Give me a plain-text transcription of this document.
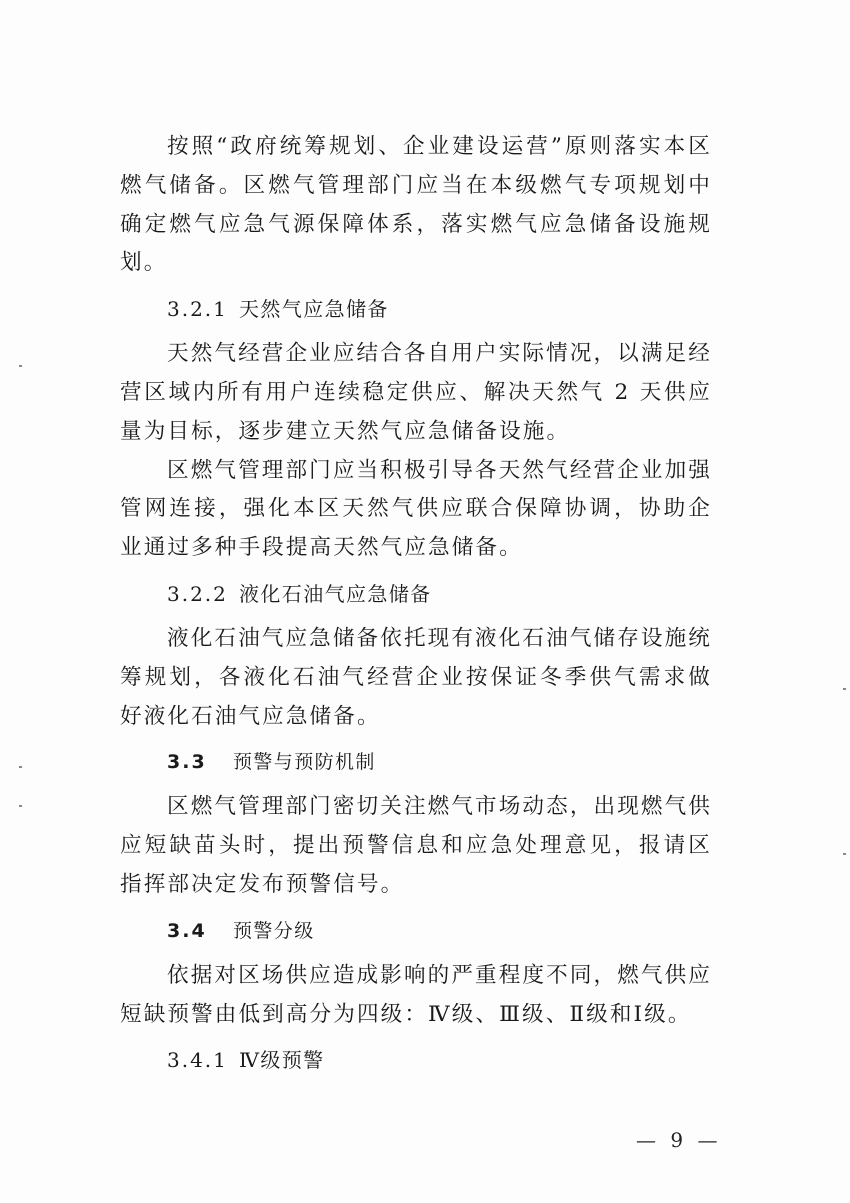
按照“政府统筹规划、企业建设运营”原则落实本区燃气储备。区燃气管理部门应当在本级燃气专项规划中确定燃气应急气源保障体系，落实燃气应急储备设施规划。

3.2.1 天然气应急储备

天然气经营企业应结合各自用户实际情况，以满足经营区域内所有用户连续稳定供应、解决天然气 2 天供应量为目标，逐步建立天然气应急储备设施。

区燃气管理部门应当积极引导各天然气经营企业加强管网连接，强化本区天然气供应联合保障协调，协助企业通过多种手段提高天然气应急储备。

3.2.2 液化石油气应急储备

液化石油气应急储备依托现有液化石油气储存设施统筹规划，各液化石油气经营企业按保证冬季供气需求做好液化石油气应急储备。

3.3 预警与预防机制

区燃气管理部门密切关注燃气市场动态，出现燃气供应短缺苗头时，提出预警信息和应急处理意见，报请区指挥部决定发布预警信号。

3.4 预警分级

依据对区场供应造成影响的严重程度不同，燃气供应短缺预警由低到高分为四级：Ⅳ级、Ⅲ级、Ⅱ级和Ⅰ级。

3.4.1 Ⅳ级预警
— 9 —
